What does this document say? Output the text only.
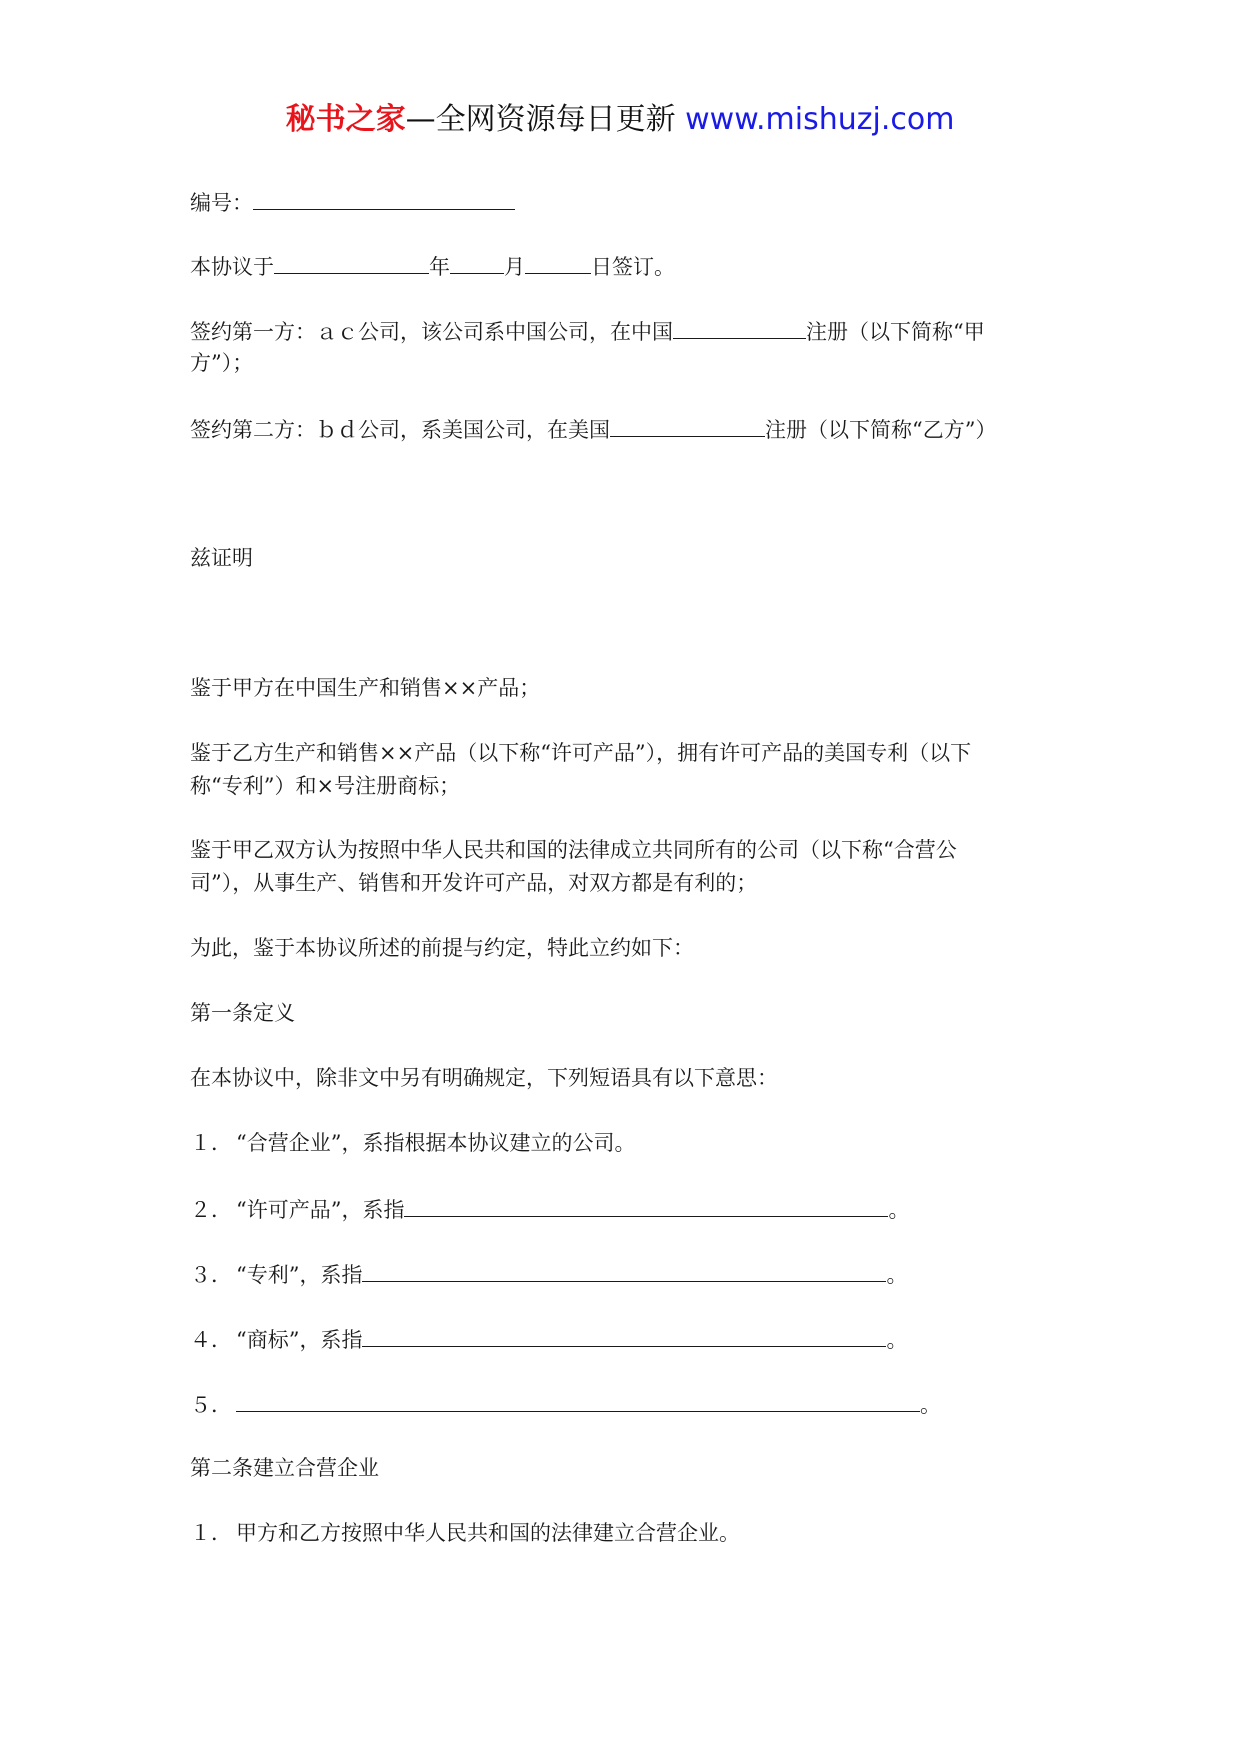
秘书之家—全网资源每日更新 www.mishuzj.com
编号：
本协议于	年	月	日签订。
签约第一方：ａｃ公司，该公司系中国公司，在中国	注册（以下简称“甲
方”）；
签约第二方：ｂｄ公司，系美国公司，在美国	注册（以下简称“乙方”）
兹证明
鉴于甲方在中国生产和销售××产品；
鉴于乙方生产和销售××产品（以下称“许可产品”），拥有许可产品的美国专利（以下
称“专利”）和×号注册商标；
鉴于甲乙双方认为按照中华人民共和国的法律成立共同所有的公司（以下称“合营公
司”），从事生产、销售和开发许可产品，对双方都是有利的；
为此，鉴于本协议所述的前提与约定，特此立约如下：
第一条定义
在本协议中，除非文中另有明确规定，下列短语具有以下意思：
１． “合营企业”，系指根据本协议建立的公司。
２． “许可产品”，系指	。
３． “专利”，系指	。
４． “商标”，系指	。
５．	。
第二条建立合营企业
１． 甲方和乙方按照中华人民共和国的法律建立合营企业。
